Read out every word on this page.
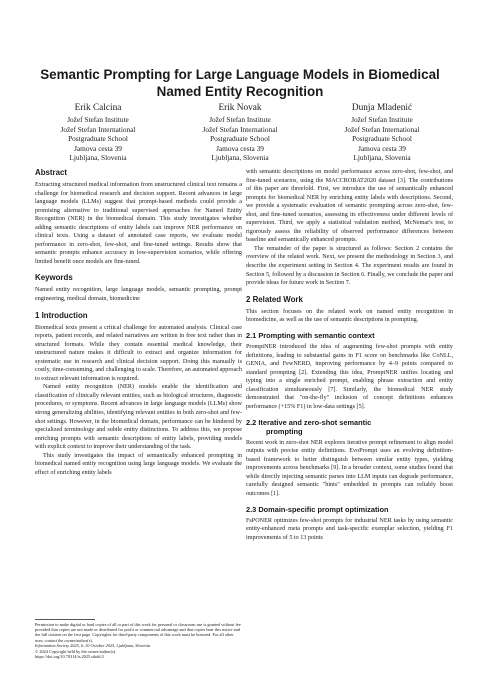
Semantic Prompting for Large Language Models in Biomedical
Named Entity Recognition
Erik Calcina
Jožef Stefan Institute
Jožef Stefan International
Postgraduate School
Jamova cesta 39
Ljubljana, Slovenia
Erik Novak
Jožef Stefan Institute
Jožef Stefan International
Postgraduate School
Jamova cesta 39
Ljubljana, Slovenia
Dunja Mladenić
Jožef Stefan Institute
Jožef Stefan International
Postgraduate School
Jamova cesta 39
Ljubljana, Slovenia
Abstract

Extracting structured medical information from unstructured clinical text remains a challenge for biomedical research and decision support. Recent advances in large language models (LLMs) suggest that prompt-based methods could provide a promising alternative to traditional supervised approaches for Named Entity Recognition (NER) in the biomedical domain. This study investigates whether adding semantic descriptions of entity labels can improve NER performance on clinical texts. Using a dataset of annotated case reports, we evaluate model performance in zero-shot, few-shot, and fine-tuned settings. Results show that semantic prompts enhance accuracy in low-supervision scenarios, while offering limited benefit once models are fine-tuned.

Keywords

Named entity recognition, large language models, semantic prompting, prompt engineering, medical domain, biomedicine

1 Introduction

Biomedical texts present a critical challenge for automated analysis. Clinical case reports, patient records, and related narratives are written in free text rather than in structured formats. While they contain essential medical knowledge, their unstructured nature makes it difficult to extract and organize information for systematic use in research and clinical decision support. Doing this manually is costly, time-consuming, and challenging to scale. Therefore, an automated approach to extract relevant information is required.

Named entity recognition (NER) models enable the identification and classification of clinically relevant entities, such as biological structures, diagnostic procedures, or symptoms. Recent advances in large language models (LLMs) show strong generalizing abilities, identifying relevant entities in both zero-shot and few-shot settings. However, in the biomedical domain, performance can be hindered by specialized terminology and subtle entity distinctions. To address this, we propose enriching prompts with semantic descriptions of entity labels, providing models with explicit context to improve their understanding of the task.

This study investigates the impact of semantically enhanced prompting in biomedical named entity recognition using large language models. We evaluate the effect of enriching entity labels

Permission to make digital or hard copies of all or part of this work for personal or classroom use is granted without fee provided that copies are not made or distributed for profit or commercial advantage and that copies bear this notice and the full citation on the first page. Copyrights for third-party components of this work must be honored. For all other uses, contact the owner/author(s).

Information Society 2025, 6–10 October 2025, Ljubljana, Slovenia

© 2024 Copyright held by the owner/author(s).

https://doi.org/10.70314/is.2025.sikdd.3

with semantic descriptions on model performance across zero-shot, few-shot, and fine-tuned scenarios, using the MACCROBAT2020 dataset [3]. The contributions of this paper are threefold. First, we introduce the use of semantically enhanced prompts for biomedical NER by enriching entity labels with descriptions. Second, we provide a systematic evaluation of semantic prompting across zero-shot, few-shot, and fine-tuned scenarios, assessing its effectiveness under different levels of supervision. Third, we apply a statistical validation method, McNemar's test, to rigorously assess the reliability of observed performance differences between baseline and semantically enhanced prompts.

The remainder of the paper is structured as follows: Section 2 contains the overview of the related work. Next, we present the methodology in Section 3, and describe the experiment setting in Section 4. The experiment results are found in Section 5, followed by a discussion in Section 6. Finally, we conclude the paper and provide ideas for future work in Section 7.

2 Related Work

This section focuses on the related work on named entity recognition in biomedicine, as well as the use of semantic descriptions in prompting.

2.1 Prompting with semantic context

PromptNER introduced the idea of augmenting few-shot prompts with entity definitions, leading to substantial gains in F1 score on benchmarks like CoNLL, GENIA, and FewNERD, improving performance by 4–9 points compared to standard prompting [2]. Extending this idea, PromptNER unifies locating and typing into a single enriched prompt, enabling phrase extraction and entity classification simultaneously [7]. Similarly, the biomedical NER study demonstrated that "on-the-fly" inclusion of concept definitions enhances performance (+15% F1) in low-data settings [5].

2.2 Iterative and zero-shot semantic
prompting

Recent work in zero-shot NER explores iterative prompt refinement to align model outputs with precise entity definitions. EvoPrompt uses an evolving definition-based framework to better distinguish between similar entity types, yielding improvements across benchmarks [9]. In a broader context, some studies found that while directly injecting semantic parses into LLM inputs can degrade performance, carefully designed semantic "hints" embedded in prompts can reliably boost outcomes [1].

2.3 Domain-specific prompt optimization

FsPONER optimizes few-shot prompts for industrial NER tasks by using semantic entity-enhanced meta prompts and task-specific exemplar selection, yielding F1 improvements of 5 to 13 points
